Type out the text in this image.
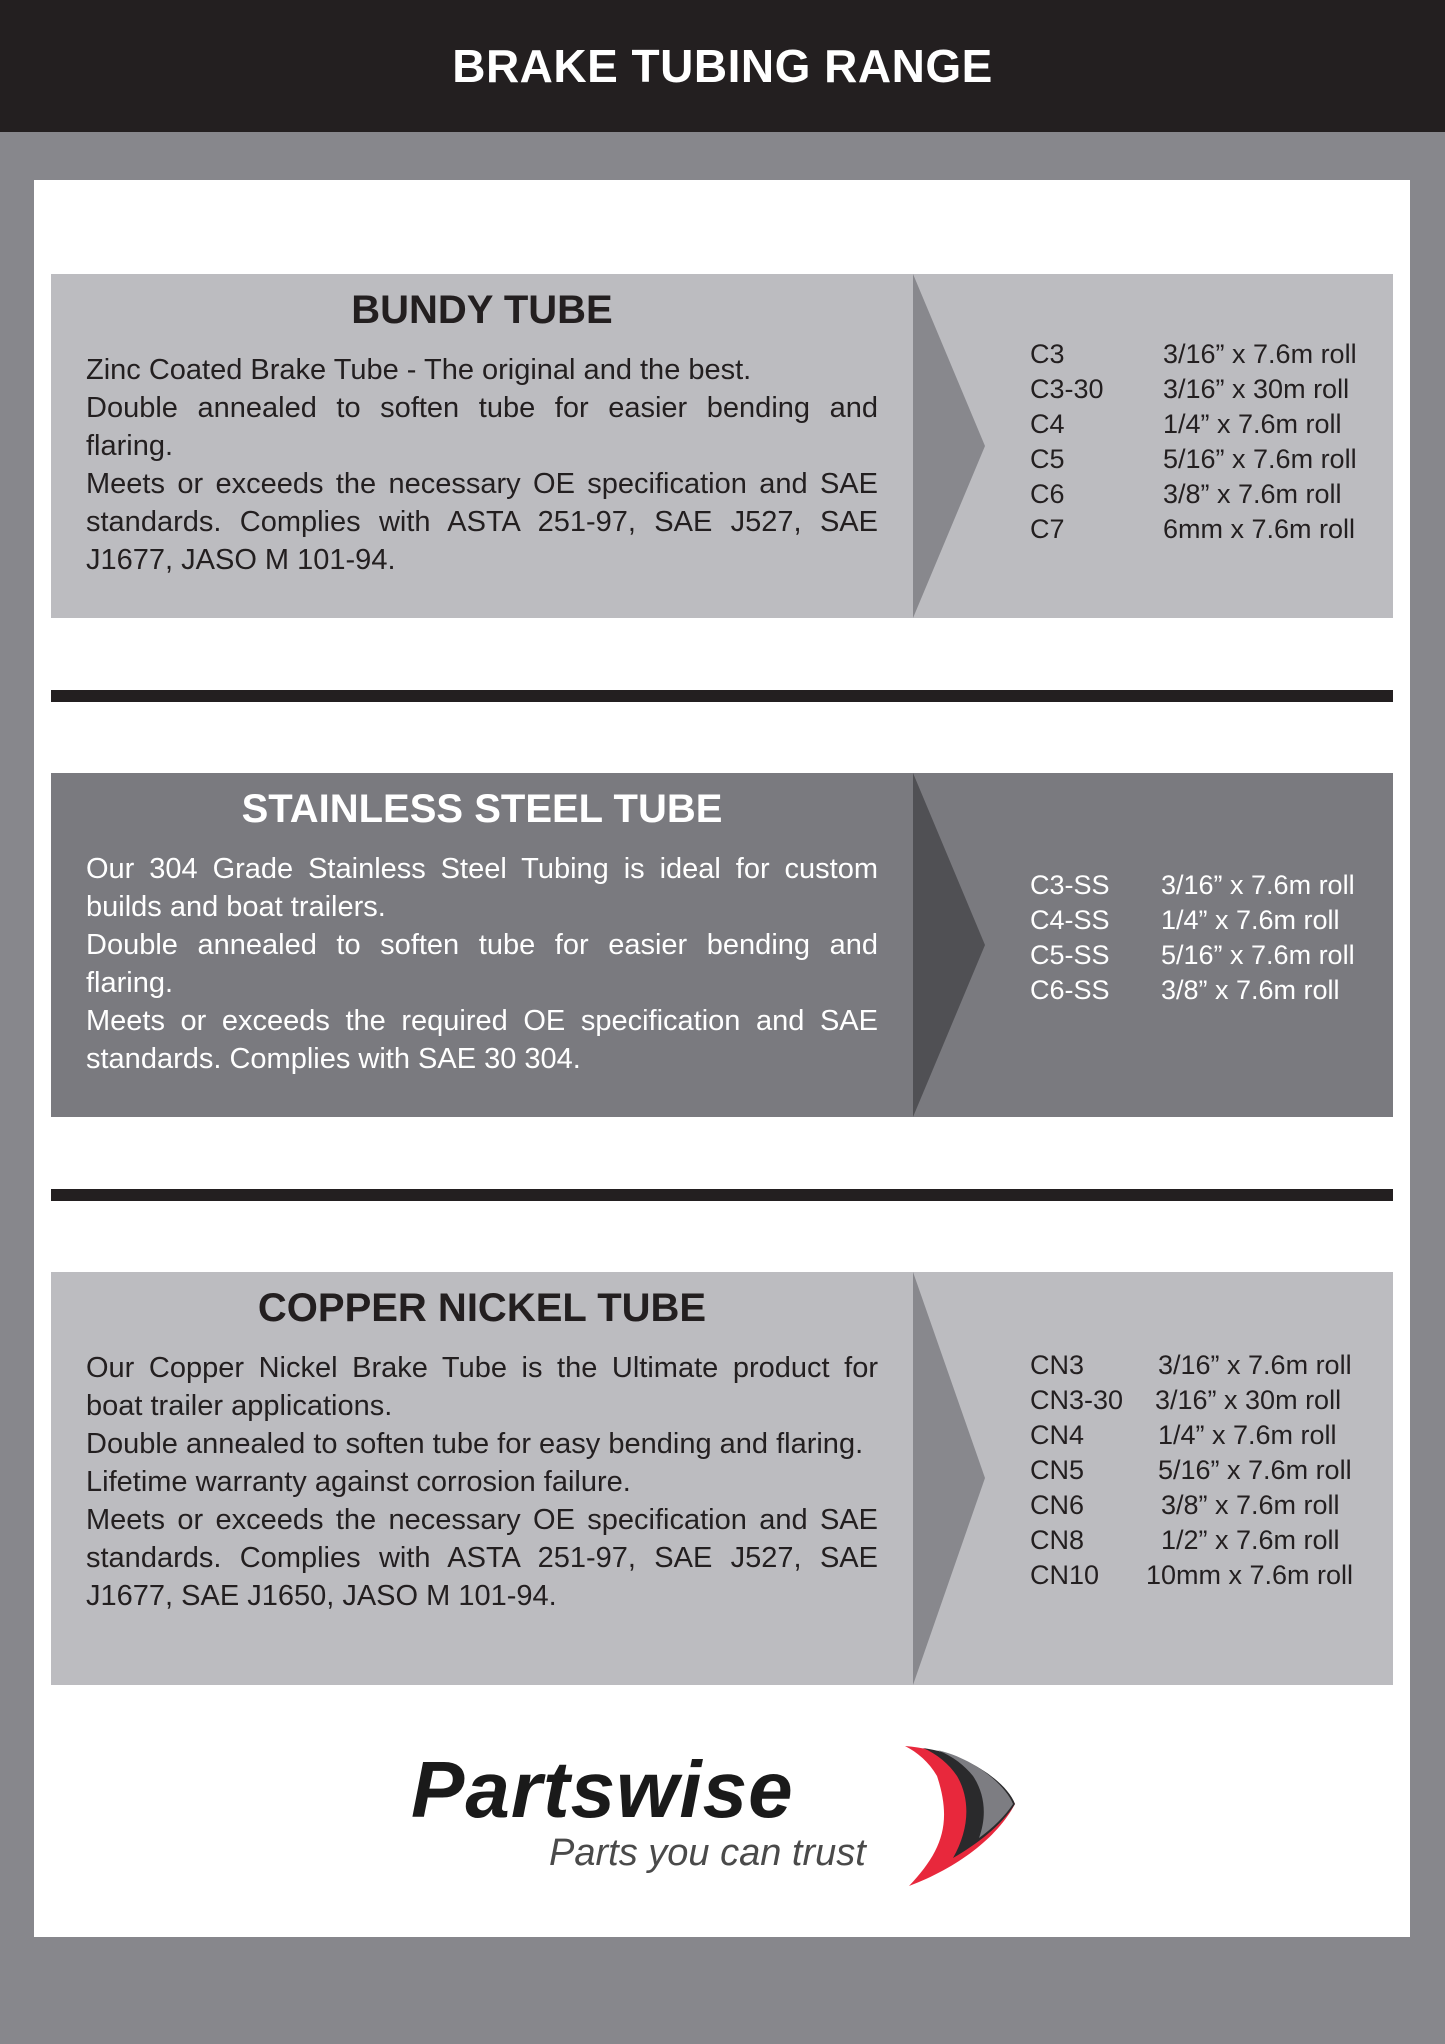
BRAKE TUBING RANGE
BUNDY TUBE

Zinc Coated Brake Tube - The original and the best.

Double annealed to soften tube for easier bending and flaring.

Meets or exceeds the necessary OE specification and SAE standards. Complies with ASTA 251-97, SAE J527, SAE J1677, JASO M 101-94.

C3	3/16” x 7.6m roll
C3-30	3/16” x 30m roll
C4	1/4” x 7.6m roll
C5	5/16” x 7.6m roll
C6	3/8” x 7.6m roll
C7	6mm x 7.6m roll
STAINLESS STEEL TUBE

Our 304 Grade Stainless Steel Tubing is ideal for custom builds and boat trailers.

Double annealed to soften tube for easier bending and flaring.

Meets or exceeds the required OE specification and SAE standards. Complies with SAE 30 304.

C3-SS	3/16” x 7.6m roll
C4-SS	1/4” x 7.6m roll
C5-SS	5/16” x 7.6m roll
C6-SS	3/8” x 7.6m roll
COPPER NICKEL TUBE

Our Copper Nickel Brake Tube is the Ultimate product for boat trailer applications.

Double annealed to soften tube for easy bending and flaring.

Lifetime warranty against corrosion failure.

Meets or exceeds the necessary OE specification and SAE standards. Complies with ASTA 251-97, SAE J527, SAE J1677, SAE J1650, JASO M 101-94.

CN3	3/16” x 7.6m roll
CN3-30	3/16” x 30m roll
CN4	1/4” x 7.6m roll
CN5	5/16” x 7.6m roll
CN6	3/8” x 7.6m roll
CN8	1/2” x 7.6m roll
CN10	10mm x 7.6m roll
Partswise
Parts you can trust
